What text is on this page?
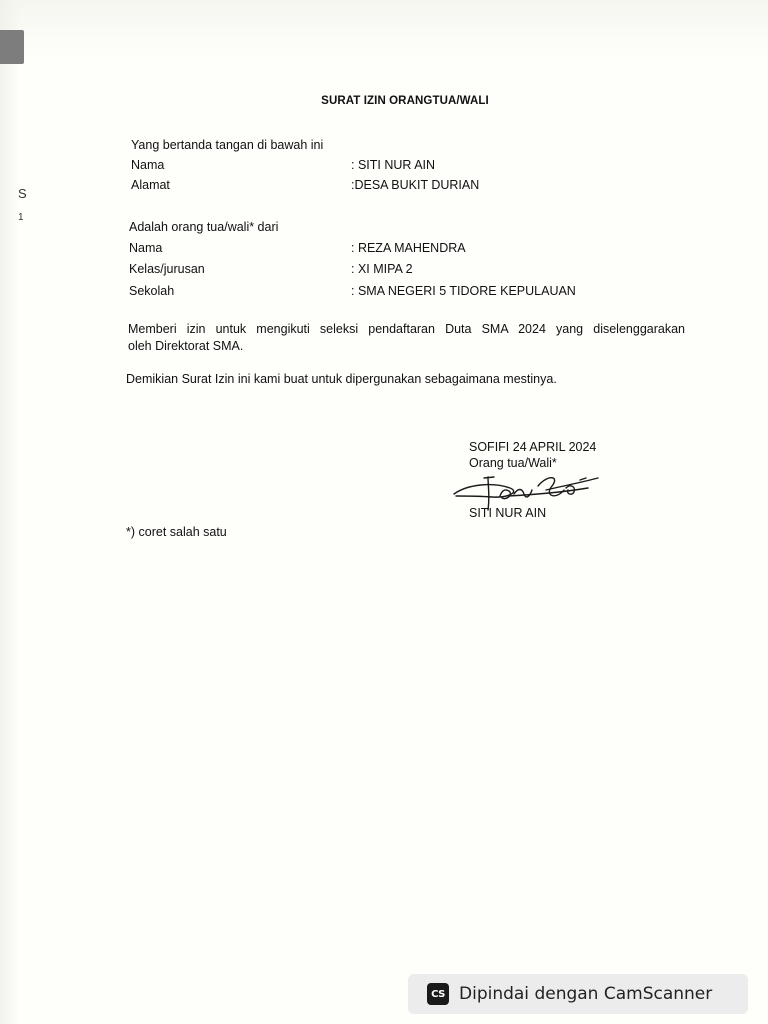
S
1
SURAT IZIN ORANGTUA/WALI
Yang bertanda tangan di bawah ini
Nama	: SITI NUR AIN
Alamat	:DESA BUKIT DURIAN
Adalah orang tua/wali* dari
Nama	: REZA MAHENDRA
Kelas/jurusan	: XI MIPA 2
Sekolah	: SMA NEGERI 5 TIDORE KEPULAUAN
Memberi izin untuk mengikuti seleksi pendaftaran Duta SMA 2024 yang diselenggarakan
oleh Direktorat SMA.
Demikian Surat Izin ini kami buat untuk dipergunakan sebagaimana mestinya.
SOFIFI 24 APRIL 2024
Orang tua/Wali*
SITI NUR AIN
*) coret salah satu
CS Dipindai dengan CamScanner
